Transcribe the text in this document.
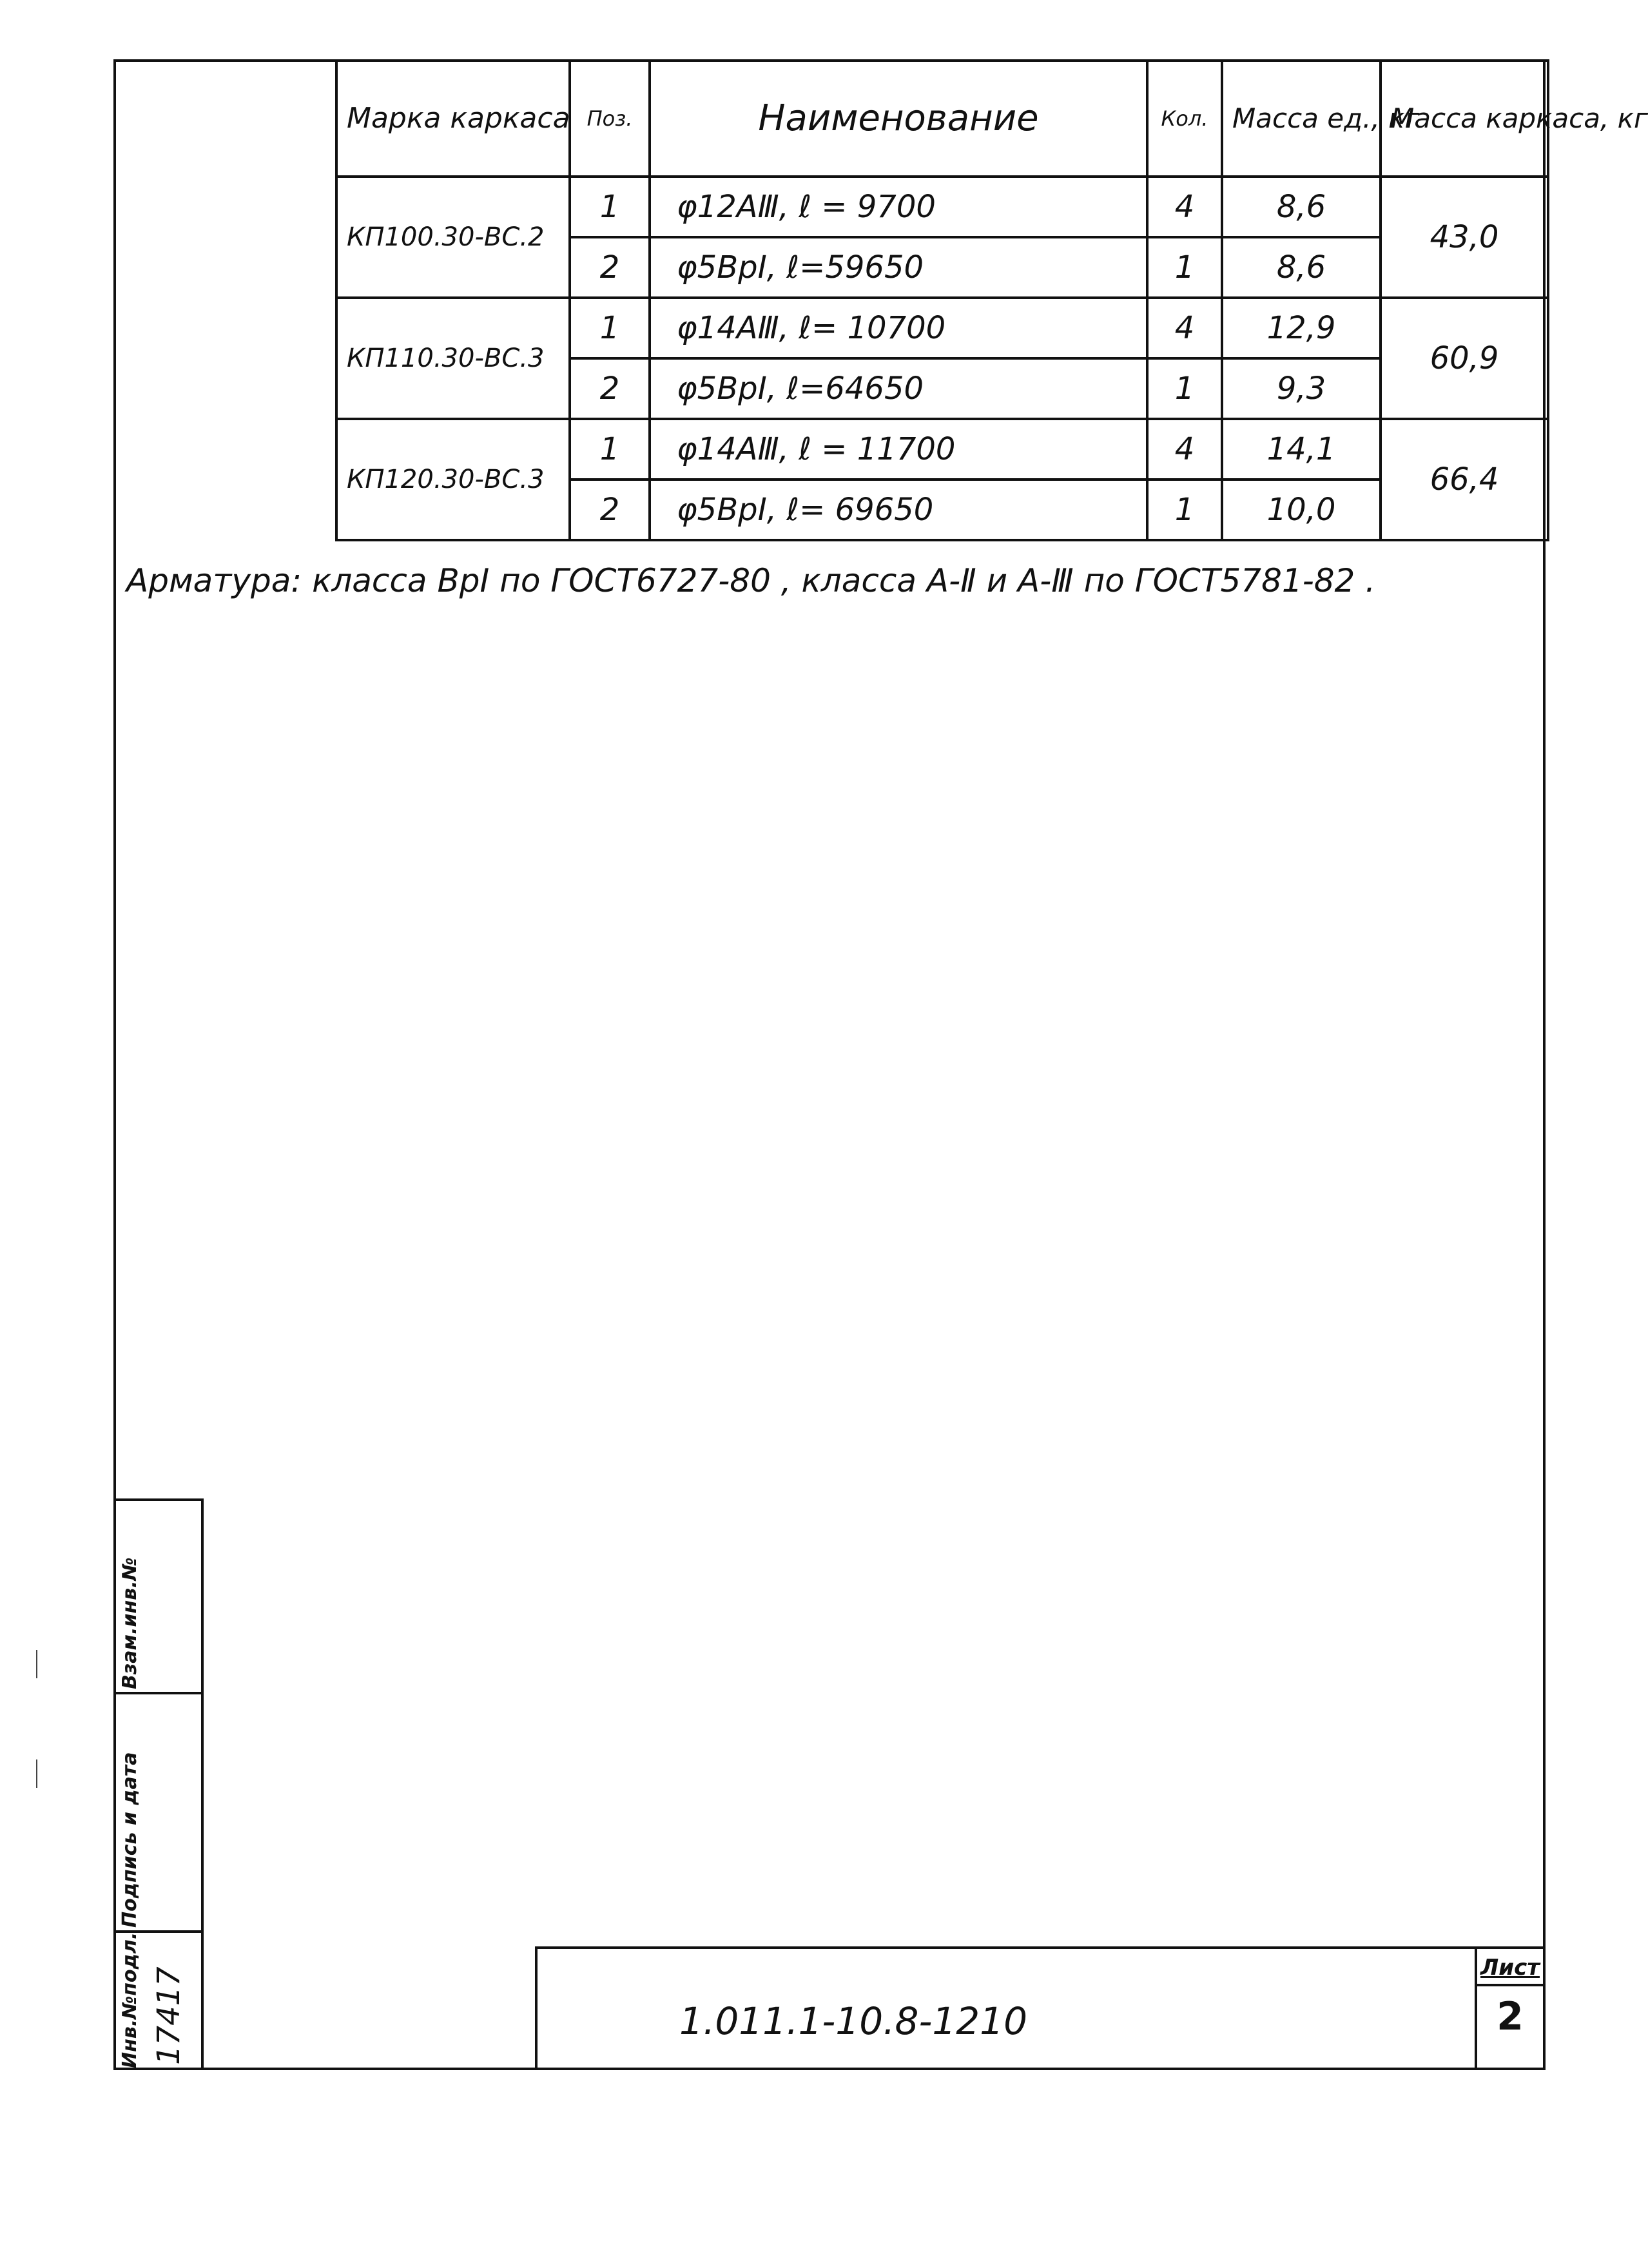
Марка каркаса	Поз.	Наименование	Кол.	Масса ед., кг	Масса каркаса, кг
КП100.30-ВС.2	1	φ12АⅢ, ℓ = 9700	4	8,6	43,0
	2	φ5ВрI, ℓ=59650	1	8,6	
КП110.30-ВС.3	1	φ14АⅢ, ℓ= 10700	4	12,9	60,9
	2	φ5ВрI, ℓ=64650	1	9,3	
КП120.30-ВС.3	1	φ14АⅢ, ℓ = 11700	4	14,1	66,4
	2	φ5ВрI, ℓ= 69650	1	10,0	
Арматура: класса ВрI по ГОСТ6727-80 , класса А-Ⅱ и А-Ⅲ по ГОСТ5781-82 .
Взам.инв.№
Подпись и дата
Инв.№подл. 17417	1.011.1-10.8-1210
Лист
2
